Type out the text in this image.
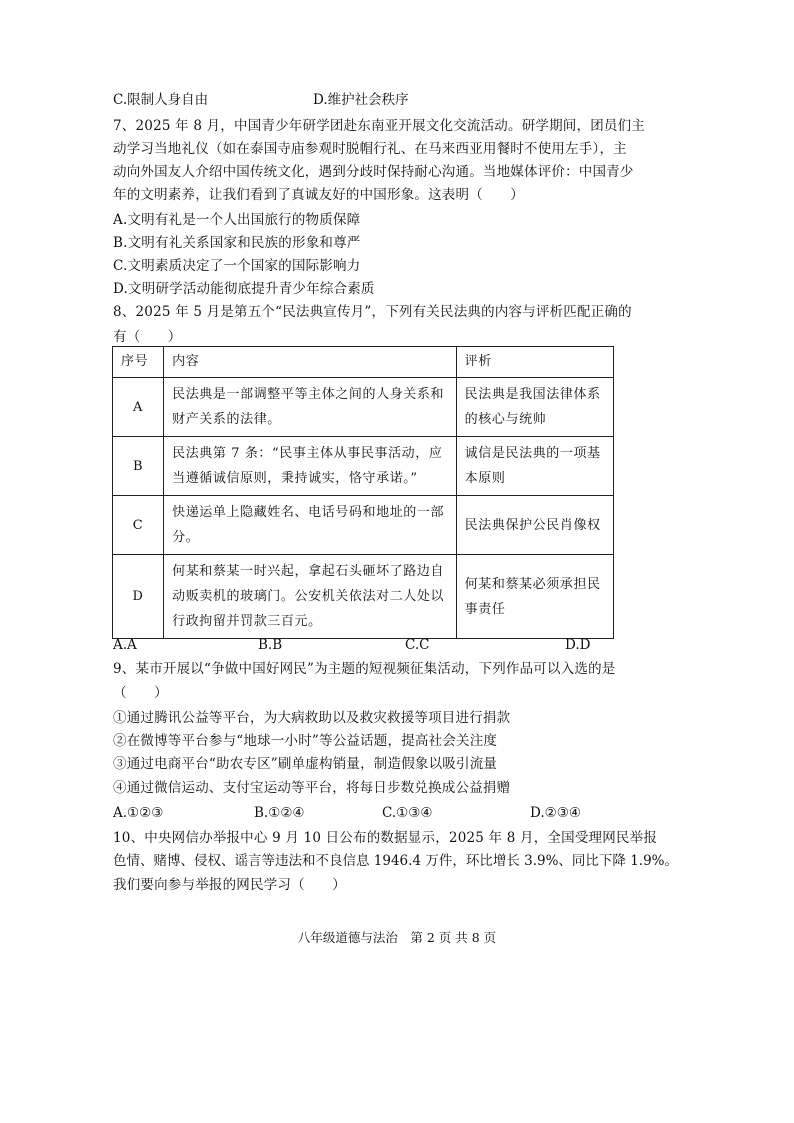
C.限制人身自由	D.维护社会秩序
7、2025 年 8 月，中国青少年研学团赴东南亚开展文化交流活动。研学期间，团员们主
动学习当地礼仪（如在泰国寺庙参观时脱帽行礼、在马来西亚用餐时不使用左手），主
动向外国友人介绍中国传统文化，遇到分歧时保持耐心沟通。当地媒体评价：中国青少
年的文明素养，让我们看到了真诚友好的中国形象。这表明（　　）
A.文明有礼是一个人出国旅行的物质保障
B.文明有礼关系国家和民族的形象和尊严
C.文明素质决定了一个国家的国际影响力
D.文明研学活动能彻底提升青少年综合素质
8、2025 年 5 月是第五个“民法典宣传月”，下列有关民法典的内容与评析匹配正确的
有（　　）
序号	内容	评析
A	民法典是一部调整平等主体之间的人身关系和财产关系的法律。	民法典是我国法律体系的核心与统帅
B	民法典第 7 条：“民事主体从事民事活动，应当遵循诚信原则，秉持诚实，恪守承诺。”	诚信是民法典的一项基本原则
C	快递运单上隐藏姓名、电话号码和地址的一部分。	民法典保护公民肖像权
D	何某和蔡某一时兴起，拿起石头砸坏了路边自动贩卖机的玻璃门。公安机关依法对二人处以行政拘留并罚款三百元。	何某和蔡某必须承担民事责任
A.A	B.B	C.C	D.D
9、某市开展以“争做中国好网民”为主题的短视频征集活动，下列作品可以入选的是
（　　）
①通过腾讯公益等平台，为大病救助以及救灾救援等项目进行捐款
②在微博等平台参与“地球一小时”等公益话题，提高社会关注度
③通过电商平台“助农专区”刷单虚构销量，制造假象以吸引流量
④通过微信运动、支付宝运动等平台，将每日步数兑换成公益捐赠
A.①②③	B.①②④	C.①③④	D.②③④
10、中央网信办举报中心 9 月 10 日公布的数据显示，2025 年 8 月，全国受理网民举报
色情、赌博、侵权、谣言等违法和不良信息 1946.4 万件，环比增长 3.9%、同比下降 1.9%。
我们要向参与举报的网民学习（　　）
八年级道德与法治　第 2 页 共 8 页
